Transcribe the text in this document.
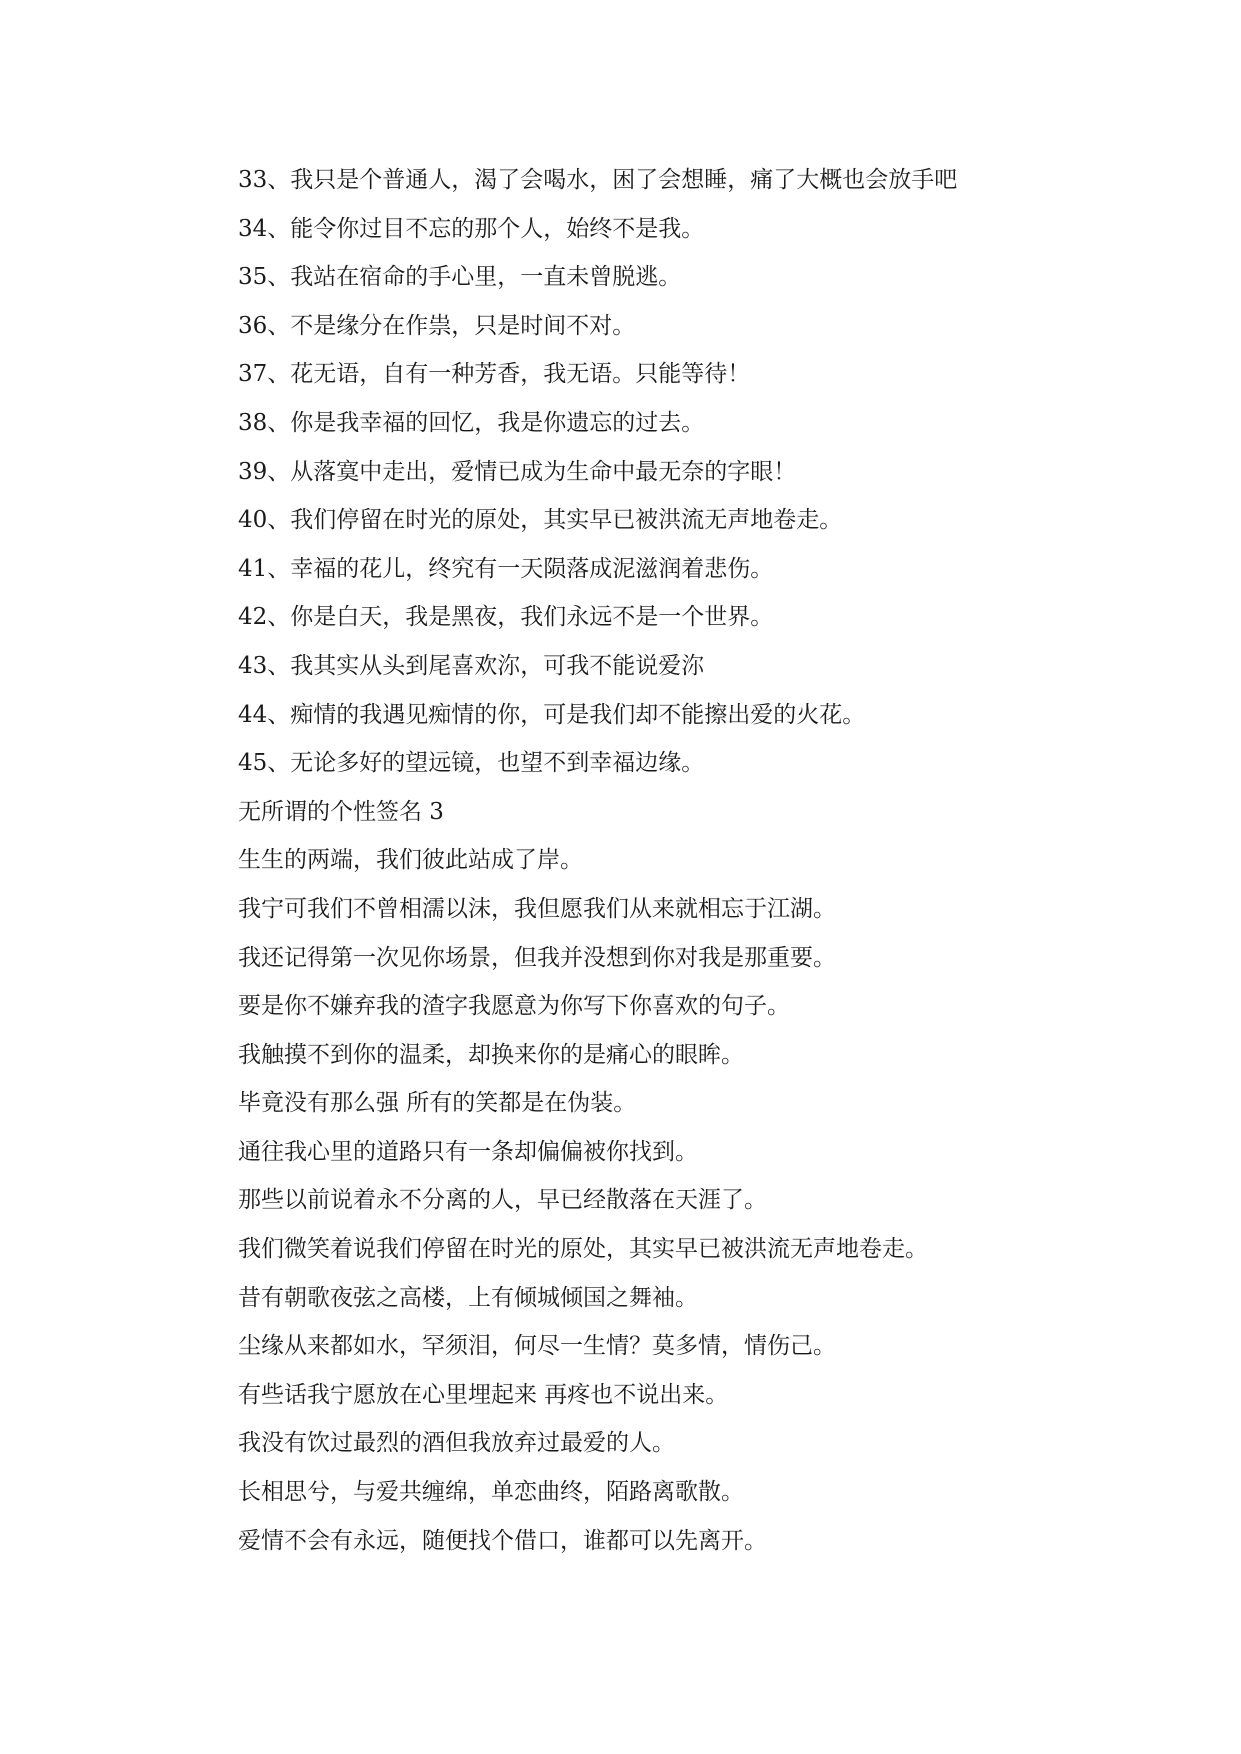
33、我只是个普通人，渴了会喝水，困了会想睡，痛了大概也会放手吧
34、能令你过目不忘的那个人，始终不是我。
35、我站在宿命的手心里，一直未曾脱逃。
36、不是缘分在作祟，只是时间不对。
37、花无语，自有一种芳香，我无语。只能等待！
38、你是我幸福的回忆，我是你遗忘的过去。
39、从落寞中走出，爱情已成为生命中最无奈的字眼！
40、我们停留在时光的原处，其实早已被洪流无声地卷走。
41、幸福的花儿，终究有一天陨落成泥滋润着悲伤。
42、你是白天，我是黑夜，我们永远不是一个世界。
43、我其实从头到尾喜欢沵，可我不能说爱沵
44、痴情的我遇见痴情的你，可是我们却不能擦出爱的火花。
45、无论多好的望远镜，也望不到幸福边缘。
无所谓的个性签名 3
生生的两端，我们彼此站成了岸。
我宁可我们不曾相濡以沫，我但愿我们从来就相忘于江湖。
我还记得第一次见你场景，但我并没想到你对我是那重要。
要是你不嫌弃我的渣字我愿意为你写下你喜欢的句子。
我触摸不到你的温柔，却换来你的是痛心的眼眸。
毕竟没有那么强 所有的笑都是在伪装。
通往我心里的道路只有一条却偏偏被你找到。
那些以前说着永不分离的人，早已经散落在天涯了。
我们微笑着说我们停留在时光的原处，其实早已被洪流无声地卷走。
昔有朝歌夜弦之高楼，上有倾城倾国之舞袖。
尘缘从来都如水，罕须泪，何尽一生情？莫多情，情伤己。
有些话我宁愿放在心里埋起来 再疼也不说出来。
我没有饮过最烈的酒但我放弃过最爱的人。
长相思兮，与爱共缠绵，单恋曲终，陌路离歌散。
爱情不会有永远，随便找个借口，谁都可以先离开。
